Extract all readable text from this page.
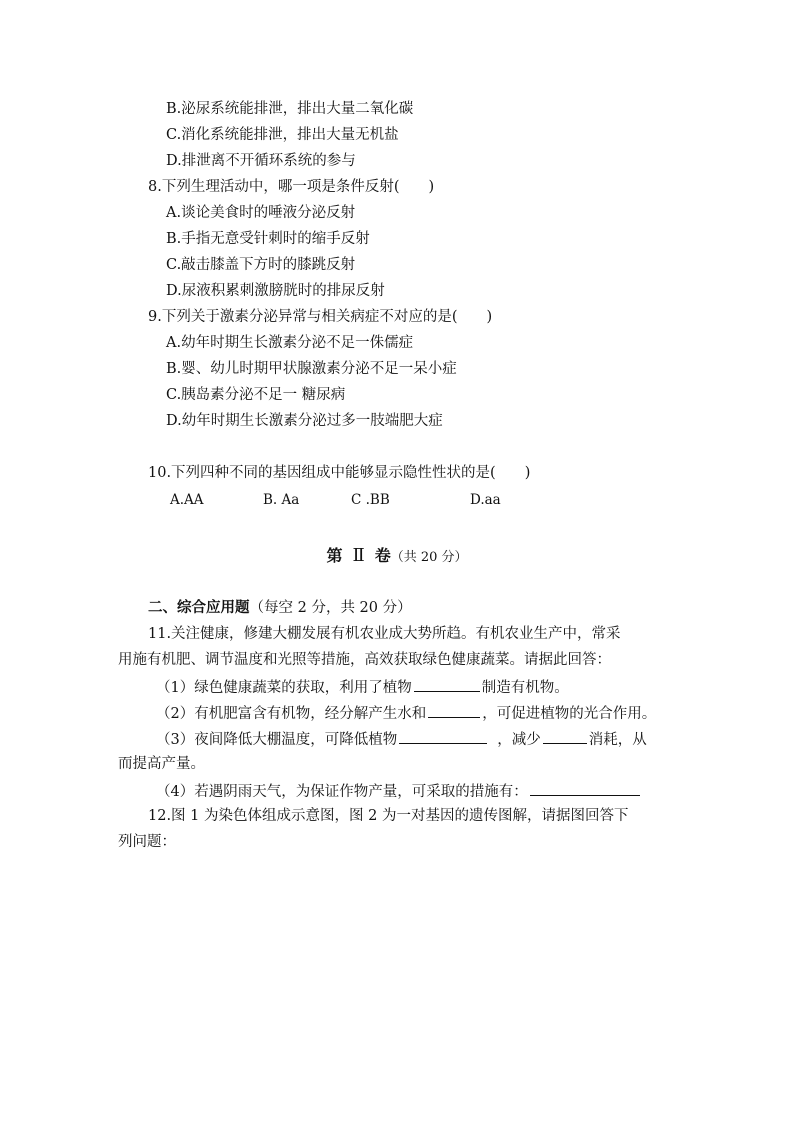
B.泌尿系统能排泄，排出大量二氧化碳
C.消化系统能排泄，排出大量无机盐
D.排泄离不开循环系统的参与
8.下列生理活动中，哪一项是条件反射(　　)
A.谈论美食时的唾液分泌反射
B.手指无意受针刺时的缩手反射
C.敲击膝盖下方时的膝跳反射
D.尿液积累刺激膀胱时的排尿反射
9.下列关于激素分泌异常与相关病症不对应的是(　　)
A.幼年时期生长激素分泌不足一侏儒症
B.婴、幼儿时期甲状腺激素分泌不足一呆小症
C.胰岛素分泌不足一 糖尿病
D.幼年时期生长激素分泌过多一肢端肥大症
10.下列四种不同的基因组成中能够显示隐性性状的是(　　)
A.AA	B. Aa	C .BB	D.aa
第 Ⅱ 卷（共 20 分）
二、综合应用题（每空 2 分，共 20 分）
11.关注健康，修建大棚发展有机农业成大势所趋。有机农业生产中，常采
用施有机肥、调节温度和光照等措施，高效获取绿色健康蔬菜。请据此回答：
（1）绿色健康蔬菜的获取，利用了植物	制造有机物。
（2）有机肥富含有机物，经分解产生水和	，可促进植物的光合作用。
（3）夜间降低大棚温度，可降低植物	，减少	消耗，从
而提高产量。
（4）若遇阴雨天气，为保证作物产量，可采取的措施有：
12.图 1 为染色体组成示意图，图 2 为一对基因的遗传图解，请据图回答下
列问题：
